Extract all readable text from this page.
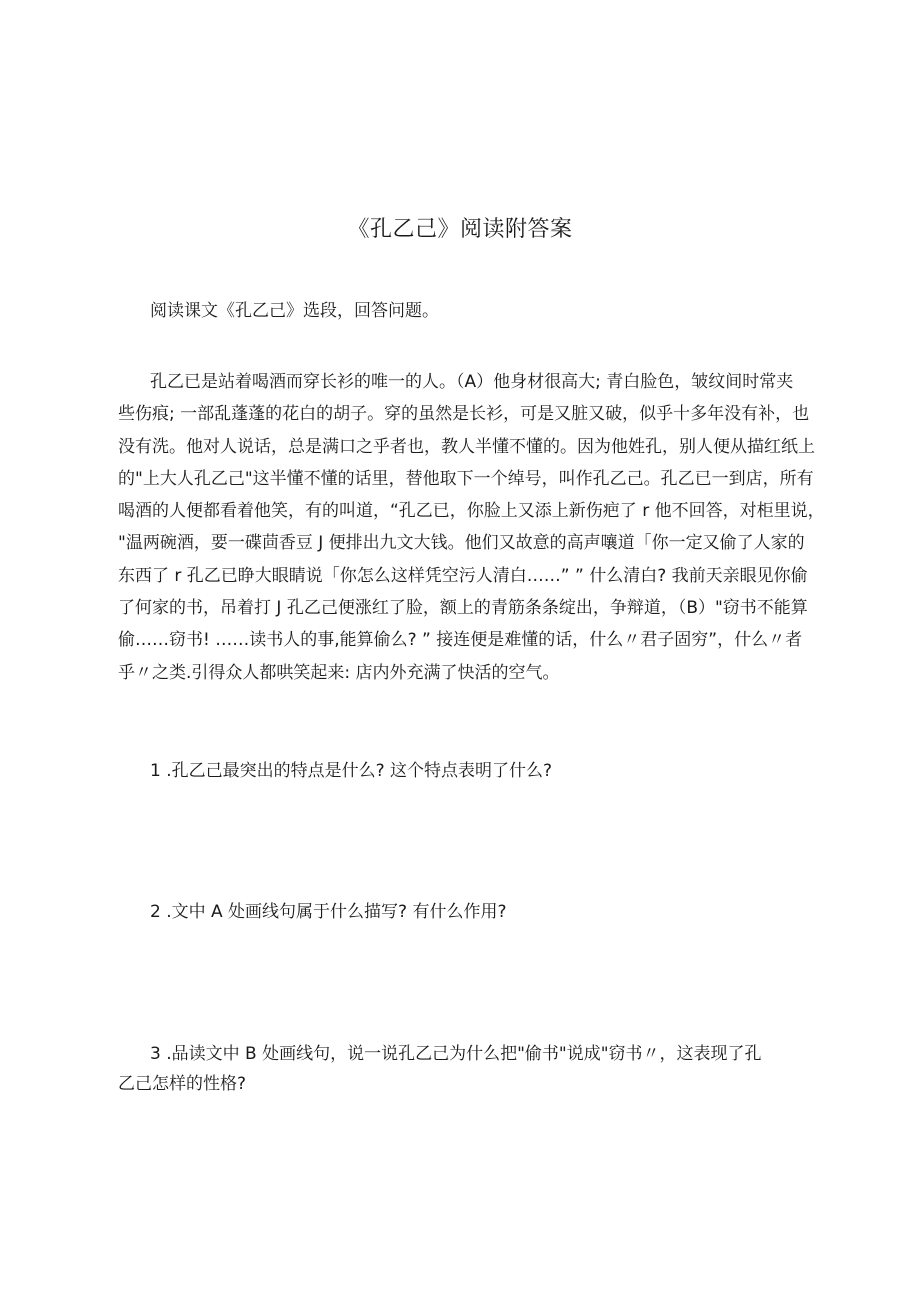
《孔乙己》阅读附答案
阅读课文《孔乙己》选段，回答问题。
孔乙已是站着喝酒而穿长衫的唯一的人。（A）他身材很高大; 青白脸色，皱纹间时常夹
些伤痕; 一部乱蓬蓬的花白的胡子。穿的虽然是长衫，可是又脏又破，似乎十多年没有补，也
没有洗。他对人说话，总是满口之乎者也，教人半懂不懂的。因为他姓孔，别人便从描红纸上
的"上大人孔乙己"这半懂不懂的话里，替他取下一个绰号，叫作孔乙己。孔乙已一到店，所有
喝酒的人便都看着他笑，有的叫道，“孔乙已，你脸上又添上新伤疤了 r 他不回答，对柜里说，
"温两碗酒，要一碟茴香豆 J 便排出九文大钱。他们又故意的高声嚷道「你一定又偷了人家的
东西了 r 孔乙已睁大眼睛说「你怎么这样凭空污人清白……” ” 什么清白? 我前天亲眼见你偷
了何家的书，吊着打 J 孔乙己便涨红了脸，额上的青筋条条绽出，争辩道，（B）"窃书不能算
偷……窃书! ……读书人的事,能算偷么? ” 接连便是难懂的话，什么〃君子固穷”，什么〃者
乎〃之类.引得众人都哄笑起来: 店内外充满了快活的空气。
1 .孔乙己最突出的特点是什么? 这个特点表明了什么?
2 .文中 A 处画线句属于什么描写? 有什么作用?
3 .品读文中 B 处画线句，说一说孔乙己为什么把"偷书"说成"窃书〃，这表现了孔
乙己怎样的性格?
